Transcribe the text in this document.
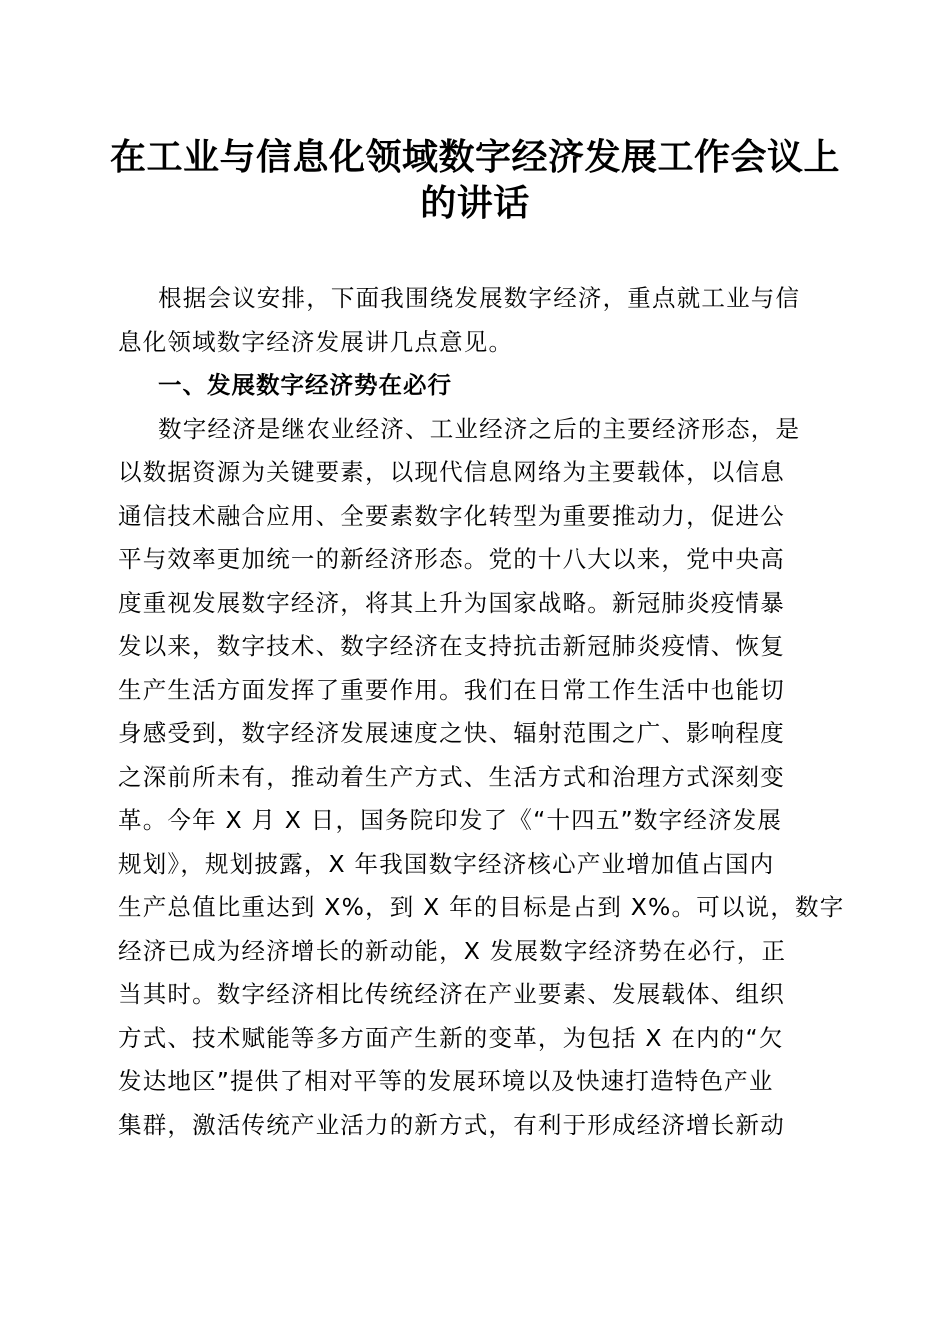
在工业与信息化领域数字经济发展工作会议上
的讲话

根据会议安排，下面我围绕发展数字经济，重点就工业与信
息化领域数字经济发展讲几点意见。

一、发展数字经济势在必行

数字经济是继农业经济、工业经济之后的主要经济形态，是
以数据资源为关键要素，以现代信息网络为主要载体，以信息
通信技术融合应用、全要素数字化转型为重要推动力，促进公
平与效率更加统一的新经济形态。党的十八大以来，党中央高
度重视发展数字经济，将其上升为国家战略。新冠肺炎疫情暴
发以来，数字技术、数字经济在支持抗击新冠肺炎疫情、恢复
生产生活方面发挥了重要作用。我们在日常工作生活中也能切
身感受到，数字经济发展速度之快、辐射范围之广、影响程度
之深前所未有，推动着生产方式、生活方式和治理方式深刻变
革。今年 X 月 X 日，国务院印发了《“十四五”数字经济发展
规划》，规划披露，X 年我国数字经济核心产业增加值占国内
生产总值比重达到 X%，到 X 年的目标是占到 X%。可以说，数字
经济已成为经济增长的新动能，X 发展数字经济势在必行，正
当其时。数字经济相比传统经济在产业要素、发展载体、组织
方式、技术赋能等多方面产生新的变革，为包括 X 在内的“欠
发达地区”提供了相对平等的发展环境以及快速打造特色产业
集群，激活传统产业活力的新方式，有利于形成经济增长新动
